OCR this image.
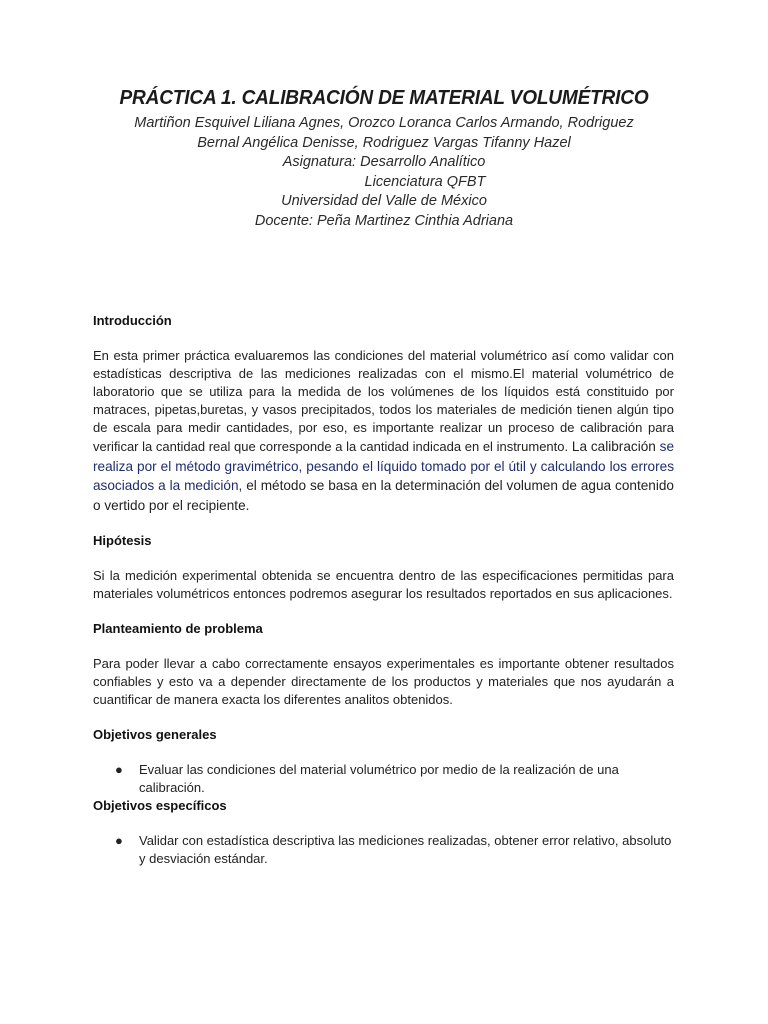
PRÁCTICA 1. CALIBRACIÓN DE MATERIAL VOLUMÉTRICO

Martiñon Esquivel Liliana Agnes, Orozco Loranca Carlos Armando, Rodriguez

Bernal Angélica Denisse, Rodriguez Vargas Tifanny Hazel

Asignatura: Desarrollo Analítico

Licenciatura QFBT

Universidad del Valle de México

Docente: Peña Martinez Cinthia Adriana

Introducción

En esta primer práctica evaluaremos las condiciones del material volumétrico así como validar con estadísticas descriptiva de las mediciones realizadas con el mismo.El material volumétrico de laboratorio que se utiliza para la medida de los volúmenes de los líquidos está constituido por matraces, pipetas,buretas, y vasos precipitados, todos los materiales de medición tienen algún tipo de escala para medir cantidades, por eso, es importante realizar un proceso de calibración para verificar la cantidad real que corresponde a la cantidad indicada en el instrumento. La calibración se realiza por el método gravimétrico, pesando el líquido tomado por el útil y calculando los errores asociados a la medición, el método se basa en la determinación del volumen de agua contenido o vertido por el recipiente.

Hipótesis

Si la medición experimental obtenida se encuentra dentro de las especificaciones permitidas para materiales volumétricos entonces podremos asegurar los resultados reportados en sus aplicaciones.

Planteamiento de problema

Para poder llevar a cabo correctamente ensayos experimentales es importante obtener resultados confiables y esto va a depender directamente de los productos y materiales que nos ayudarán a cuantificar de manera exacta los diferentes analitos obtenidos.

Objetivos generales
● Evaluar las condiciones del material volumétrico por medio de la realización de una calibración.
Objetivos específicos
● Validar con estadística descriptiva las mediciones realizadas, obtener error relativo, absoluto y desviación estándar.
